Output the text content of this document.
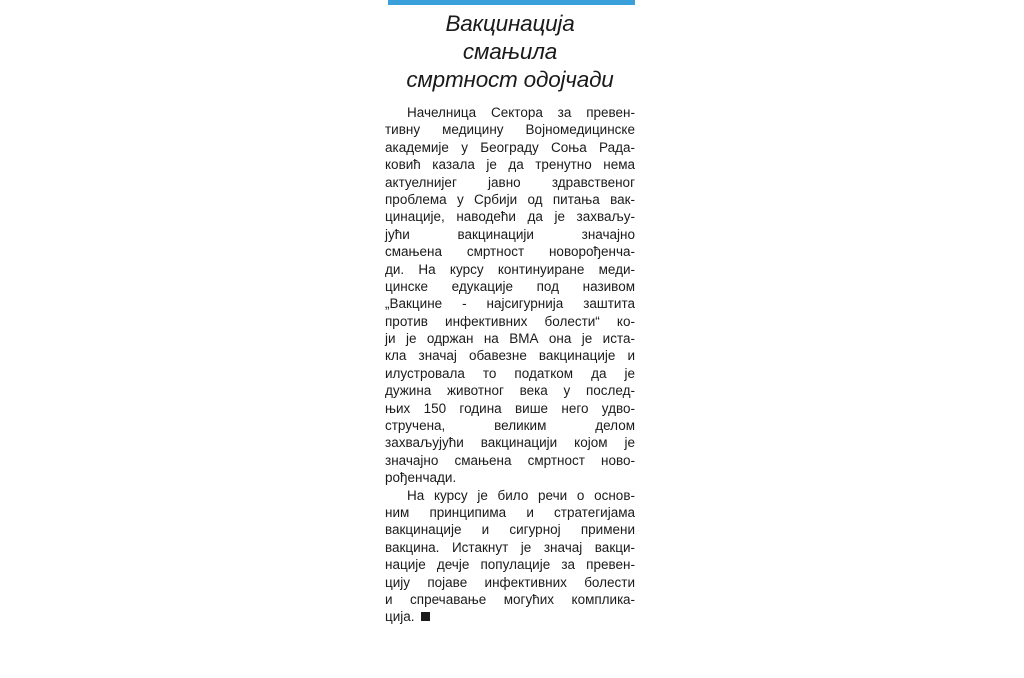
Вакцинација
смањила
смртност одојчади

Начелница Сектора за превен-
тивну медицину Војномедицинске
академије у Београду Соња Рада-
ковић казала је да тренутно нема
актуелнијег јавно здравственог
проблема у Србији од питања вак-
цинације, наводећи да је захваљу-
јући вакцинацији значајно
смањена смртност новорођенча-
ди. На курсу континуиране меди-
цинске едукације под називом
„Вакцине - најсигурнија заштита
против инфективних болести“ ко-
ји је одржан на ВМА она је иста-
кла значај обавезне вакцинације и
илустровала то податком да је
дужина животног века у послед-
њих 150 година више него удво-
стручена, великим делом
захваљујући вакцинацији којом је
значајно смањена смртност ново-
рођенчади.

На курсу је било речи о основ-
ним принципима и стратегијама
вакцинације и сигурној примени
вакцина. Истакнут је значај вакци-
нације дечје популације за превен-
цију појаве инфективних болести
и спречавање могућих компликa-
ција.
